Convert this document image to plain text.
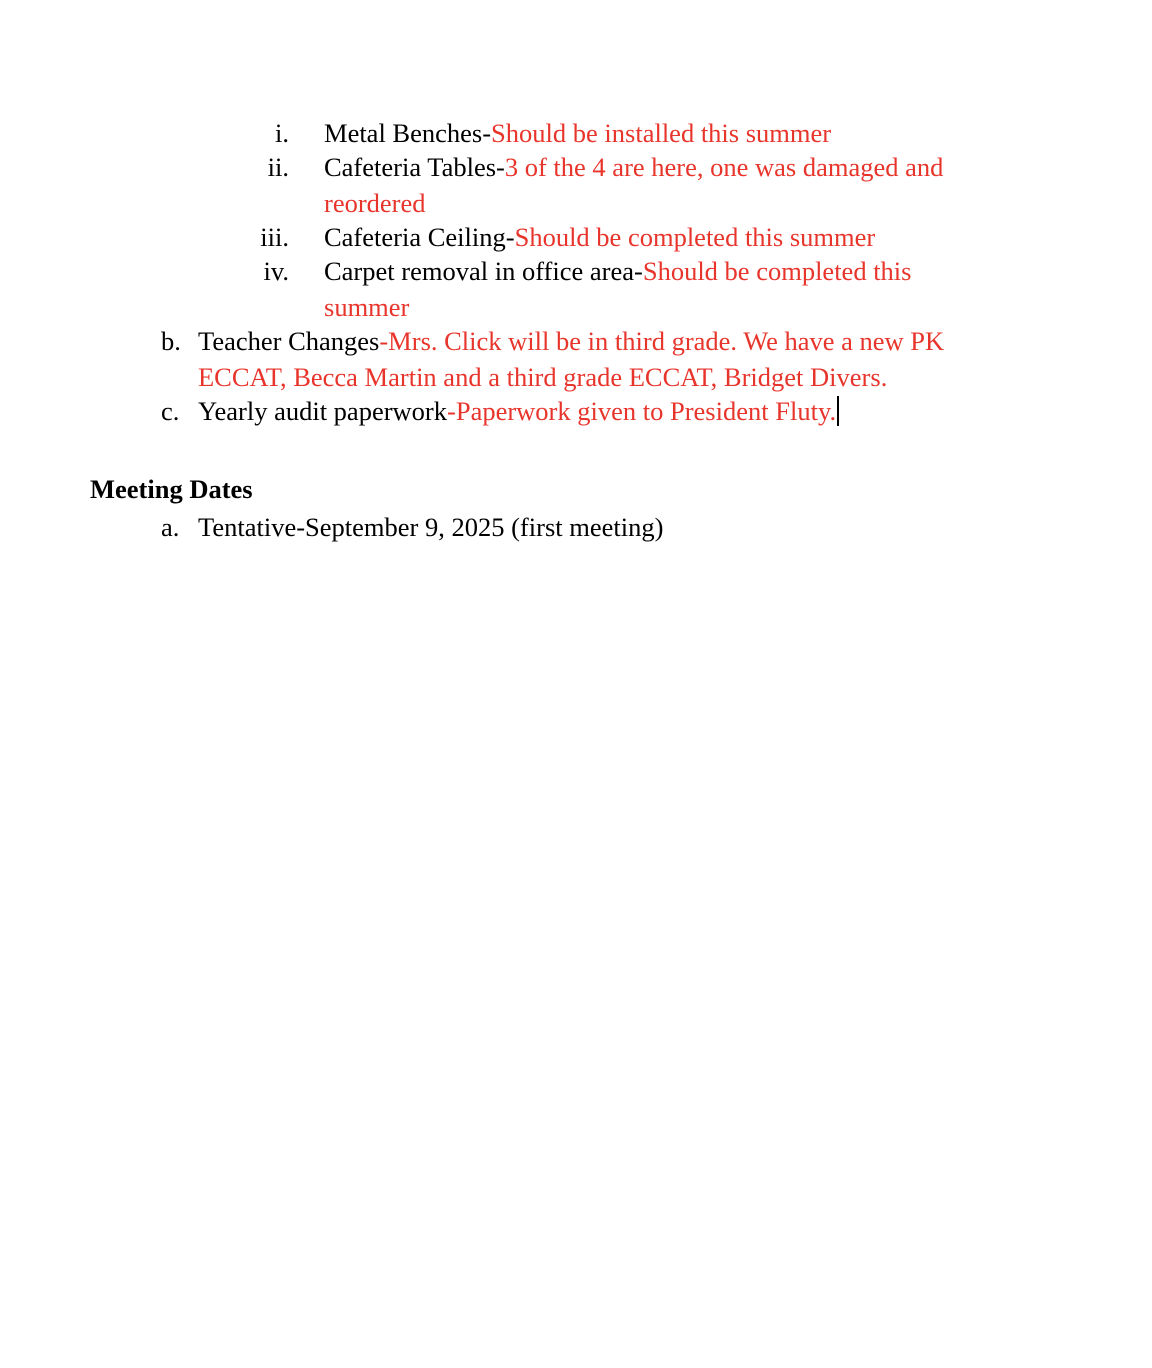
i. Metal Benches-Should be installed this summer
ii. Cafeteria Tables-3 of the 4 are here, one was damaged and
reordered
iii. Cafeteria Ceiling-Should be completed this summer
iv. Carpet removal in office area-Should be completed this
summer
b. Teacher Changes-Mrs. Click will be in third grade. We have a new PK
ECCAT, Becca Martin and a third grade ECCAT, Bridget Divers.
c. Yearly audit paperwork-Paperwork given to President Fluty.
Meeting Dates
a. Tentative-September 9, 2025 (first meeting)
